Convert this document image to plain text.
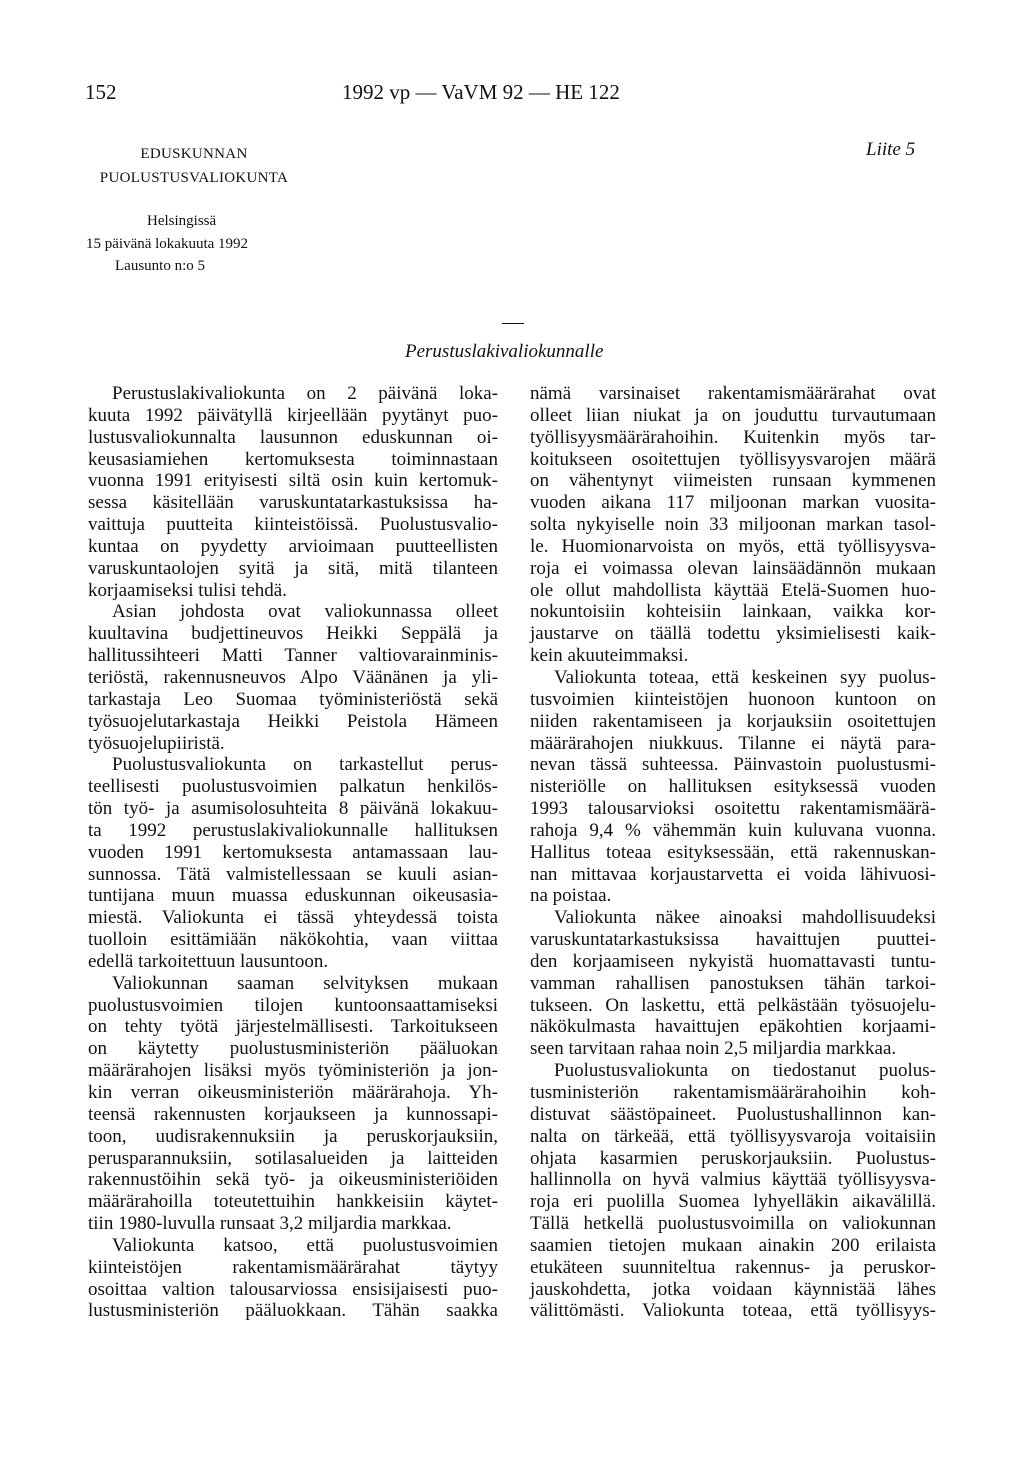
152	1992 vp — VaVM 92 — HE 122
EDUSKUNNAN
PUOLUSTUSVALIOKUNTA
Liite 5
Helsingissä
15 päivänä lokakuuta 1992
Lausunto n:o 5
Perustuslakivaliokunnalle
Perustuslakivaliokunta on 2 päivänä loka-
kuuta 1992 päivätyllä kirjeellään pyytänyt puo-
lustusvaliokunnalta lausunnon eduskunnan oi-
keusasiamiehen kertomuksesta toiminnastaan
vuonna 1991 erityisesti siltä osin kuin kertomuk-
sessa käsitellään varuskuntatarkastuksissa ha-
vaittuja puutteita kiinteistöissä. Puolustusvalio-
kuntaa on pyydetty arvioimaan puutteellisten
varuskuntaolojen syitä ja sitä, mitä tilanteen
korjaamiseksi tulisi tehdä.
Asian johdosta ovat valiokunnassa olleet
kuultavina budjettineuvos Heikki Seppälä ja
hallitussihteeri Matti Tanner valtiovarainminis-
teriöstä, rakennusneuvos Alpo Väänänen ja yli-
tarkastaja Leo Suomaa työministeriöstä sekä
työsuojelutarkastaja Heikki Peistola Hämeen
työsuojelupiiristä.
Puolustusvaliokunta on tarkastellut perus-
teellisesti puolustusvoimien palkatun henkilös-
tön työ- ja asumisolosuhteita 8 päivänä lokakuu-
ta 1992 perustuslakivaliokunnalle hallituksen
vuoden 1991 kertomuksesta antamassaan lau-
sunnossa. Tätä valmistellessaan se kuuli asian-
tuntijana muun muassa eduskunnan oikeusasia-
miestä. Valiokunta ei tässä yhteydessä toista
tuolloin esittämiään näkökohtia, vaan viittaa
edellä tarkoitettuun lausuntoon.
Valiokunnan saaman selvityksen mukaan
puolustusvoimien tilojen kuntoonsaattamiseksi
on tehty työtä järjestelmällisesti. Tarkoitukseen
on käytetty puolustusministeriön pääluokan
määrärahojen lisäksi myös työministeriön ja jon-
kin verran oikeusministeriön määrärahoja. Yh-
teensä rakennusten korjaukseen ja kunnossapi-
toon, uudisrakennuksiin ja peruskorjauksiin,
perusparannuksiin, sotilasalueiden ja laitteiden
rakennustöihin sekä työ- ja oikeusministeriöiden
määrärahoilla toteutettuihin hankkeisiin käytet-
tiin 1980-luvulla runsaat 3,2 miljardia markkaa.
Valiokunta katsoo, että puolustusvoimien
kiinteistöjen rakentamismäärärahat täytyy
osoittaa valtion talousarviossa ensisijaisesti puo-
lustusministeriön pääluokkaan. Tähän saakka
nämä varsinaiset rakentamismäärärahat ovat
olleet liian niukat ja on jouduttu turvautumaan
työllisyysmäärärahoihin. Kuitenkin myös tar-
koitukseen osoitettujen työllisyysvarojen määrä
on vähentynyt viimeisten runsaan kymmenen
vuoden aikana 117 miljoonan markan vuosita-
solta nykyiselle noin 33 miljoonan markan tasol-
le. Huomionarvoista on myös, että työllisyysva-
roja ei voimassa olevan lainsäädännön mukaan
ole ollut mahdollista käyttää Etelä-Suomen huo-
nokuntoisiin kohteisiin lainkaan, vaikka kor-
jaustarve on täällä todettu yksimielisesti kaik-
kein akuuteimmaksi.
Valiokunta toteaa, että keskeinen syy puolus-
tusvoimien kiinteistöjen huonoon kuntoon on
niiden rakentamiseen ja korjauksiin osoitettujen
määrärahojen niukkuus. Tilanne ei näytä para-
nevan tässä suhteessa. Päinvastoin puolustusmi-
nisteriölle on hallituksen esityksessä vuoden
1993 talousarvioksi osoitettu rakentamismäärä-
rahoja 9,4 % vähemmän kuin kuluvana vuonna.
Hallitus toteaa esityksessään, että rakennuskan-
nan mittavaa korjaustarvetta ei voida lähivuosi-
na poistaa.
Valiokunta näkee ainoaksi mahdollisuudeksi
varuskuntatarkastuksissa havaittujen puuttei-
den korjaamiseen nykyistä huomattavasti tuntu-
vamman rahallisen panostuksen tähän tarkoi-
tukseen. On laskettu, että pelkästään työsuojelu-
näkökulmasta havaittujen epäkohtien korjaami-
seen tarvitaan rahaa noin 2,5 miljardia markkaa.
Puolustusvaliokunta on tiedostanut puolus-
tusministeriön rakentamismäärärahoihin koh-
distuvat säästöpaineet. Puolustushallinnon kan-
nalta on tärkeää, että työllisyysvaroja voitaisiin
ohjata kasarmien peruskorjauksiin. Puolustus-
hallinnolla on hyvä valmius käyttää työllisyysva-
roja eri puolilla Suomea lyhyelläkin aikavälillä.
Tällä hetkellä puolustusvoimilla on valiokunnan
saamien tietojen mukaan ainakin 200 erilaista
etukäteen suunniteltua rakennus- ja peruskor-
jauskohdetta, jotka voidaan käynnistää lähes
välittömästi. Valiokunta toteaa, että työllisyys-
